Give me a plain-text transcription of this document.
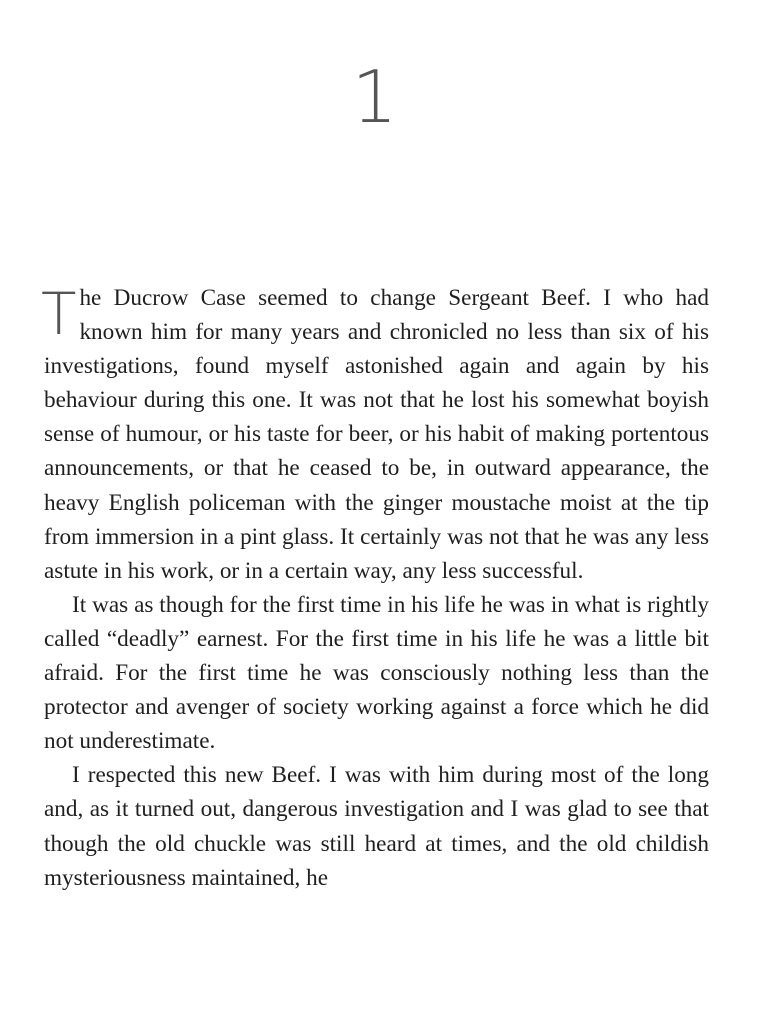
1

The Ducrow Case seemed to change Sergeant Beef. I who had known him for many years and chronicled no less than six of his investigations, found myself astonished again and again by his behaviour during this one. It was not that he lost his somewhat boyish sense of humour, or his taste for beer, or his habit of making portentous announcements, or that he ceased to be, in outward appearance, the heavy English policeman with the ginger moustache moist at the tip from immersion in a pint glass. It certainly was not that he was any less astute in his work, or in a certain way, any less successful.

It was as though for the first time in his life he was in what is rightly called “deadly” earnest. For the first time in his life he was a little bit afraid. For the first time he was consciously nothing less than the protector and avenger of society working against a force which he did not underestimate.

I respected this new Beef. I was with him during most of the long and, as it turned out, dangerous investigation and I was glad to see that though the old chuckle was still heard at times, and the old childish mysteriousness maintained, he
